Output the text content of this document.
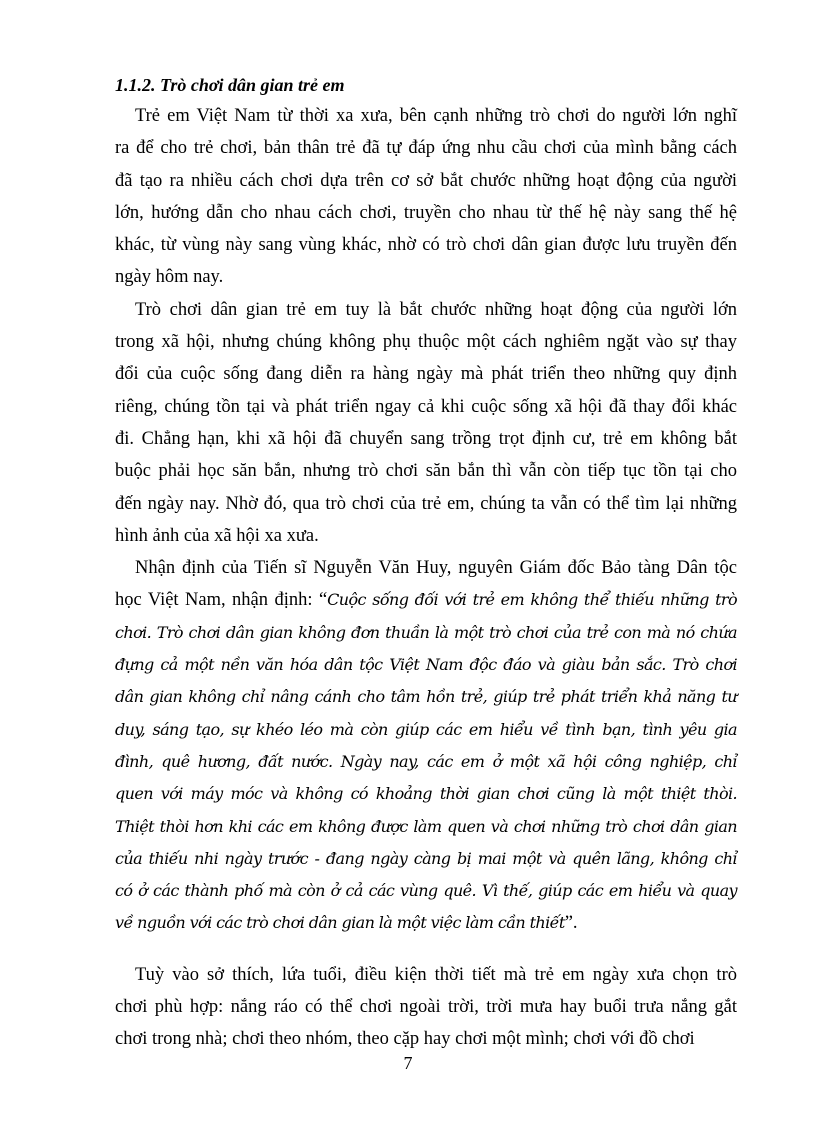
1.1.2. Trò chơi dân gian trẻ em
Trẻ em Việt Nam từ thời xa xưa, bên cạnh những trò chơi do người lớn nghĩ
ra để cho trẻ chơi, bản thân trẻ đã tự đáp ứng nhu cầu chơi của mình bằng cách
đã tạo ra nhiều cách chơi dựa trên cơ sở bắt chước những hoạt động của người
lớn, hướng dẫn cho nhau cách chơi, truyền cho nhau từ thế hệ này sang thế hệ
khác, từ vùng này sang vùng khác, nhờ có trò chơi dân gian được lưu truyền đến
ngày hôm nay.
Trò chơi dân gian trẻ em tuy là bắt chước những hoạt động của người lớn
trong xã hội, nhưng chúng không phụ thuộc một cách nghiêm ngặt vào sự thay
đổi của cuộc sống đang diễn ra hàng ngày mà phát triển theo những quy định
riêng, chúng tồn tại và phát triển ngay cả khi cuộc sống xã hội đã thay đổi khác
đi. Chẳng hạn, khi xã hội đã chuyển sang trồng trọt định cư, trẻ em không bắt
buộc phải học săn bắn, nhưng trò chơi săn bắn thì vẫn còn tiếp tục tồn tại cho
đến ngày nay. Nhờ đó, qua trò chơi của trẻ em, chúng ta vẫn có thể tìm lại những
hình ảnh của xã hội xa xưa.
Nhận định của Tiến sĩ Nguyễn Văn Huy, nguyên Giám đốc Bảo tàng Dân tộc
học Việt Nam, nhận định: “Cuộc sống đối với trẻ em không thể thiếu những trò
chơi. Trò chơi dân gian không đơn thuần là một trò chơi của trẻ con mà nó chứa
đựng cả một nền văn hóa dân tộc Việt Nam độc đáo và giàu bản sắc. Trò chơi
dân gian không chỉ nâng cánh cho tâm hồn trẻ, giúp trẻ phát triển khả năng tư
duy, sáng tạo, sự khéo léo mà còn giúp các em hiểu về tình bạn, tình yêu gia
đình, quê hương, đất nước. Ngày nay, các em ở một xã hội công nghiệp, chỉ
quen với máy móc và không có khoảng thời gian chơi cũng là một thiệt thòi.
Thiệt thòi hơn khi các em không được làm quen và chơi những trò chơi dân gian
của thiếu nhi ngày trước - đang ngày càng bị mai một và quên lãng, không chỉ
có ở các thành phố mà còn ở cả các vùng quê. Vì thế, giúp các em hiểu và quay
về nguồn với các trò chơi dân gian là một việc làm cần thiết”.
Tuỳ vào sở thích, lứa tuổi, điều kiện thời tiết mà trẻ em ngày xưa chọn trò
chơi phù hợp: nắng ráo có thể chơi ngoài trời, trời mưa hay buổi trưa nắng gắt
chơi trong nhà; chơi theo nhóm, theo cặp hay chơi một mình; chơi với đồ chơi
7
